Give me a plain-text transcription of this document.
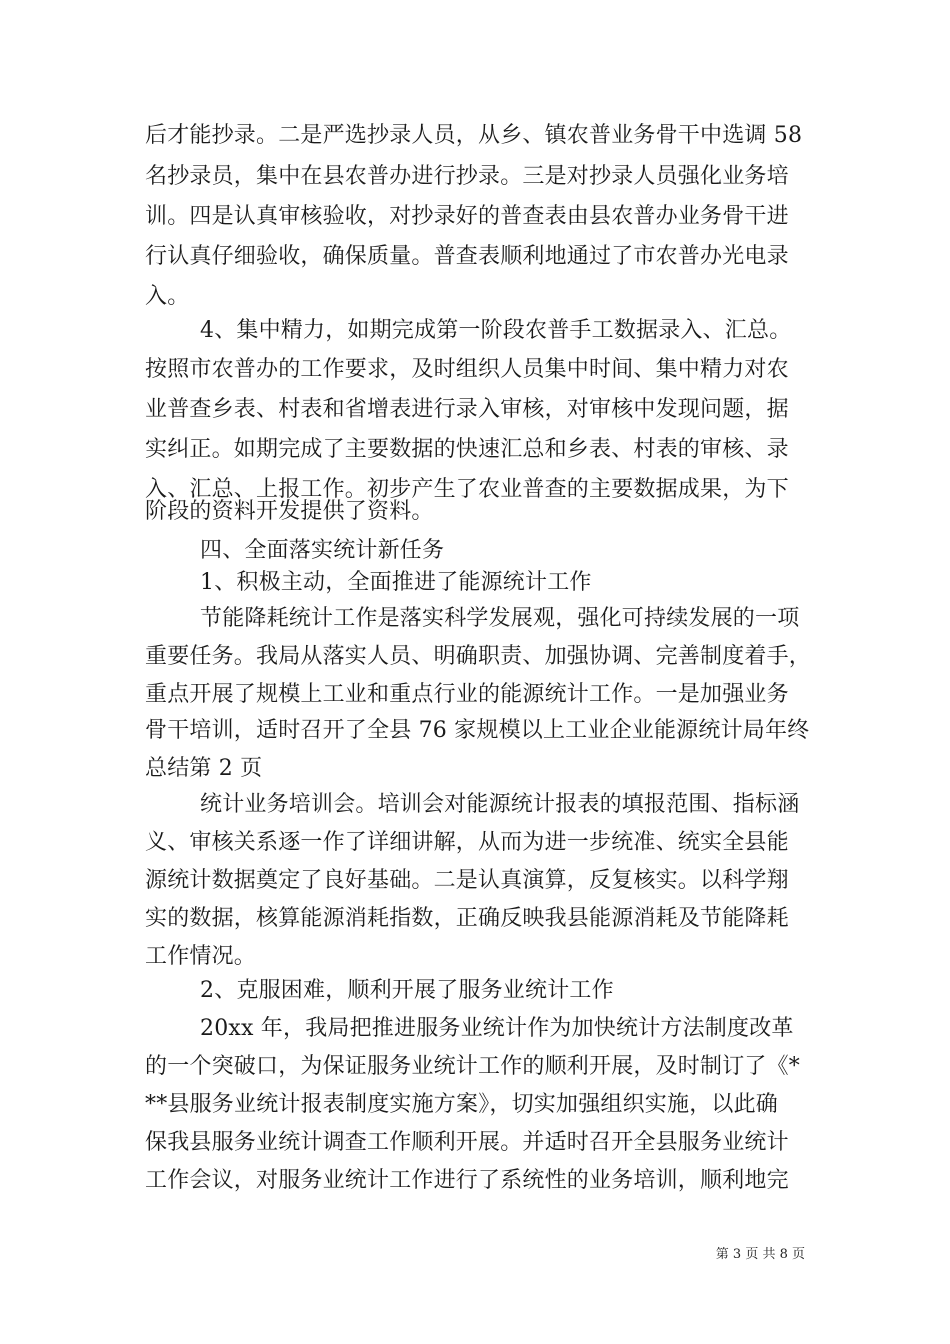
后才能抄录。二是严选抄录人员，从乡、镇农普业务骨干中选调 58
名抄录员，集中在县农普办进行抄录。三是对抄录人员强化业务培
训。四是认真审核验收，对抄录好的普查表由县农普办业务骨干进
行认真仔细验收，确保质量。普查表顺利地通过了市农普办光电录
入。
4、集中精力，如期完成第一阶段农普手工数据录入、汇总。
按照市农普办的工作要求，及时组织人员集中时间、集中精力对农
业普查乡表、村表和省增表进行录入审核，对审核中发现问题，据
实纠正。如期完成了主要数据的快速汇总和乡表、村表的审核、录
入、汇总、上报工作。初步产生了农业普查的主要数据成果，为下
阶段的资料开发提供了资料。
四、全面落实统计新任务
1、积极主动，全面推进了能源统计工作
节能降耗统计工作是落实科学发展观，强化可持续发展的一项
重要任务。我局从落实人员、明确职责、加强协调、完善制度着手，
重点开展了规模上工业和重点行业的能源统计工作。一是加强业务
骨干培训，适时召开了全县 76 家规模以上工业企业能源统计局年终
总结第 2 页
统计业务培训会。培训会对能源统计报表的填报范围、指标涵
义、审核关系逐一作了详细讲解，从而为进一步统准、统实全县能
源统计数据奠定了良好基础。二是认真演算，反复核实。以科学翔
实的数据，核算能源消耗指数，正确反映我县能源消耗及节能降耗
工作情况。
2、克服困难，顺利开展了服务业统计工作
20xx 年，我局把推进服务业统计作为加快统计方法制度改革
的一个突破口，为保证服务业统计工作的顺利开展，及时制订了《*
**县服务业统计报表制度实施方案》，切实加强组织实施，以此确
保我县服务业统计调查工作顺利开展。并适时召开全县服务业统计
工作会议，对服务业统计工作进行了系统性的业务培训，顺利地完
第 3 页 共 8 页
